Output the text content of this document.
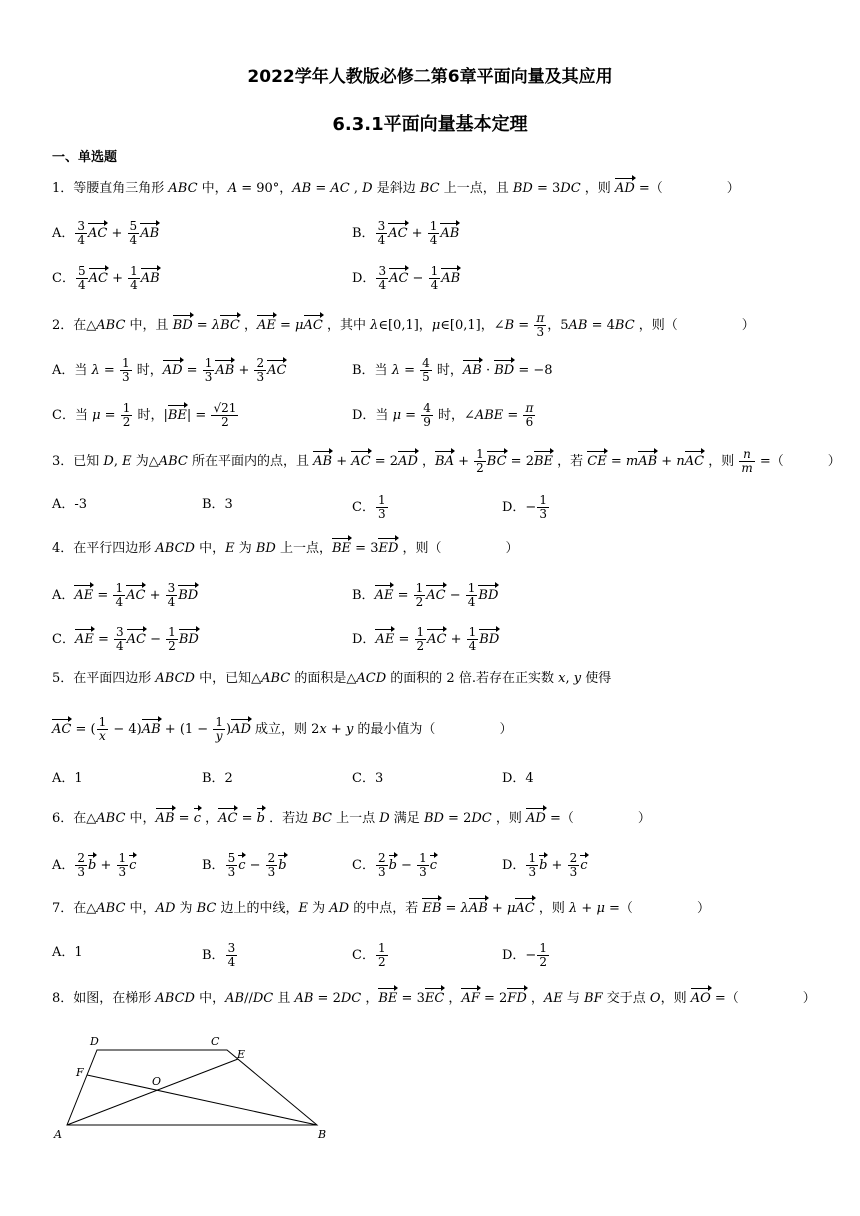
2022学年人教版必修二第6章平面向量及其应用
6.3.1平面向量基本定理
一、单选题
1．等腰直角三角形 ABC 中，A = 90°，AB = AC , D 是斜边 BC 上一点，且 BD = 3DC ，则 AD =（	）
A． $\frac{3}{4}$ AC + $\frac{5}{4}$ AB	B． $\frac{3}{4}$ AC + $\frac{1}{4}$ AB
C． $\frac{5}{4}$ AC + $\frac{1}{4}$ AB	D． $\frac{3}{4}$ AC − $\frac{1}{4}$ AB
2．在△ABC 中，且 BD = λBC ，AE = μAC ，其中 λ∈[0,1]，μ∈[0,1]，∠B = $\frac{\pi}{3}$ ，5AB = 4BC ，则（	）
A．当 $\lambda = \frac{1}{3}$ 时，AD = $\frac{1}{3}$ AB + $\frac{2}{3}$ AC	B．当 $\lambda = \frac{4}{5}$ 时，AB · BD = −8
C．当 $\mu = \frac{1}{2}$ 时，$|BE| = \frac{√21}{2}$	D．当 $\mu = \frac{4}{9}$ 时，∠ABE = $\frac{\pi}{6}$
3．已知 D, E 为△ABC 所在平面内的点，且 AB + AC = 2AD ，BA + $\frac{1}{2}$ BC = 2BE ，若 CE = mAB + nAC ，则 $\frac{n}{m}$ =（	）
A．-3	B．3	C． $\frac{1}{3}$	D．− $\frac{1}{3}$
4．在平行四边形 ABCD 中，E 为 BD 上一点，BE = 3ED ，则（	）
A．AE = $\frac{1}{4}$ AC + $\frac{3}{4}$ BD	B．AE = $\frac{1}{2}$ AC − $\frac{1}{4}$ BD
C．AE = $\frac{3}{4}$ AC − $\frac{1}{2}$ BD	D．AE = $\frac{1}{2}$ AC + $\frac{1}{4}$ BD
5．在平面四边形 ABCD 中，已知△ABC 的面积是△ACD 的面积的 2 倍.若存在正实数 x, y 使得
AC = ( $\frac{1}{x} - 4)AB + (1 - \frac{1}{y} )AD$ 成立，则 2x + y 的最小值为（	）
A．1	B．2	C．3	D．4
6．在△ABC 中，AB = c ，AC = b ．若边 BC 上一点 D 满足 BD = 2DC ，则 AD =（	）
A． $\frac{2}{3}$ $b + \frac{1}{3}$ c	B． $\frac{5}{3}$ $c - \frac{2}{3}$ b	C． $\frac{2}{3}$ $b - \frac{1}{3}$ c	D． $\frac{1}{3}$ $b + \frac{2}{3}$ c
7．在△ABC 中，AD 为 BC 边上的中线，E 为 AD 的中点，若 EB = λAB + μAC ，则 λ + μ =（	）
A．1	B． $\frac{3}{4}$	C． $\frac{1}{2}$	D．− $\frac{1}{2}$
8．如图，在梯形 ABCD 中，AB//DC 且 AB = 2DC ，BE = 3EC ，AF = 2FD ，AE 与 BF 交于点 O，则 AO =（	）
A	B
C
D
E
F
O
